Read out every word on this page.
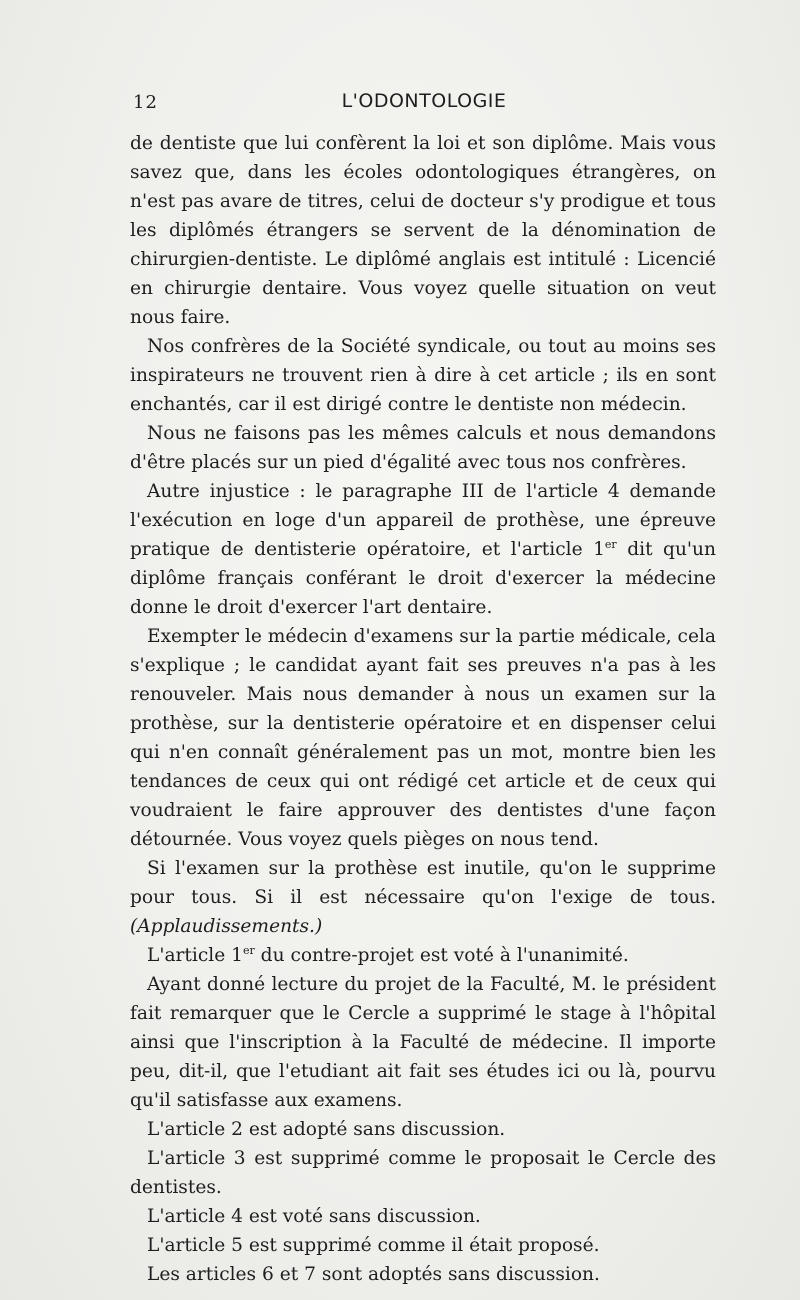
12	L'ODONTOLOGIE

de dentiste que lui confèrent la loi et son diplôme. Mais vous savez que, dans les écoles odontologiques étrangères, on n'est pas avare de titres, celui de docteur s'y prodigue et tous les diplômés étrangers se servent de la dénomination de chirurgien-dentiste. Le diplômé anglais est intitulé : Licencié en chirurgie dentaire. Vous voyez quelle situation on veut nous faire.

Nos confrères de la Société syndicale, ou tout au moins ses inspirateurs ne trouvent rien à dire à cet article ; ils en sont enchantés, car il est dirigé contre le dentiste non médecin.

Nous ne faisons pas les mêmes calculs et nous demandons d'être placés sur un pied d'égalité avec tous nos confrères.

Autre injustice : le paragraphe III de l'article 4 demande l'exécution en loge d'un appareil de prothèse, une épreuve pratique de dentisterie opératoire, et l'article 1er dit qu'un diplôme français conférant le droit d'exercer la médecine donne le droit d'exercer l'art dentaire.

Exempter le médecin d'examens sur la partie médicale, cela s'explique ; le candidat ayant fait ses preuves n'a pas à les renouveler. Mais nous demander à nous un examen sur la prothèse, sur la dentisterie opératoire et en dispenser celui qui n'en connaît généralement pas un mot, montre bien les tendances de ceux qui ont rédigé cet article et de ceux qui voudraient le faire approuver des dentistes d'une façon détournée. Vous voyez quels pièges on nous tend.

Si l'examen sur la prothèse est inutile, qu'on le supprime pour tous. Si il est nécessaire qu'on l'exige de tous. (Applaudissements.)

L'article 1er du contre-projet est voté à l'unanimité.

Ayant donné lecture du projet de la Faculté, M. le président fait remarquer que le Cercle a supprimé le stage à l'hôpital ainsi que l'inscription à la Faculté de médecine. Il importe peu, dit-il, que l'etudiant ait fait ses études ici ou là, pourvu qu'il satisfasse aux examens.

L'article 2 est adopté sans discussion.

L'article 3 est supprimé comme le proposait le Cercle des dentistes.

L'article 4 est voté sans discussion.

L'article 5 est supprimé comme il était proposé.

Les articles 6 et 7 sont adoptés sans discussion.
